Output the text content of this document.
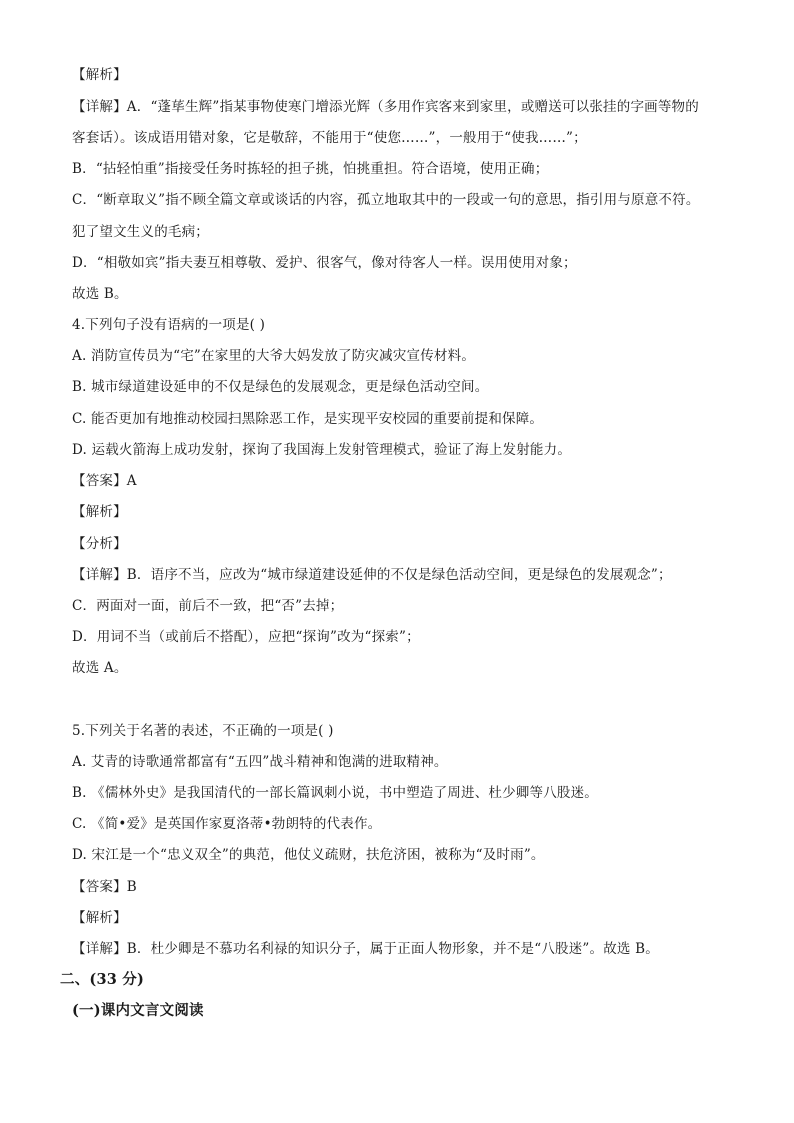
【解析】
【详解】A．“蓬荜生辉”指某事物使寒门增添光辉（多用作宾客来到家里，或赠送可以张挂的字画等物的
客套话）。该成语用错对象，它是敬辞，不能用于“使您……”，一般用于“使我……”；
B．“拈轻怕重”指接受任务时拣轻的担子挑，怕挑重担。符合语境，使用正确；
C．“断章取义”指不顾全篇文章或谈话的内容，孤立地取其中的一段或一句的意思，指引用与原意不符。
犯了望文生义的毛病；
D．“相敬如宾”指夫妻互相尊敬、爱护、很客气，像对待客人一样。误用使用对象；
故选 B。
4.下列句子没有语病的一项是( )
A. 消防宣传员为“宅”在家里的大爷大妈发放了防灾减灾宣传材料。
B. 城市绿道建设延申的不仅是绿色的发展观念，更是绿色活动空间。
C. 能否更加有地推动校园扫黑除恶工作，是实现平安校园的重要前提和保障。
D. 运载火箭海上成功发射，探询了我国海上发射管理模式，验证了海上发射能力。
【答案】A
【解析】
【分析】
【详解】B．语序不当，应改为“城市绿道建设延伸的不仅是绿色活动空间，更是绿色的发展观念”；
C．两面对一面，前后不一致，把“否”去掉；
D．用词不当（或前后不搭配），应把“探询”改为“探索”；
故选 A。
5.下列关于名著的表述，不正确的一项是( )
A. 艾青的诗歌通常都富有“五四”战斗精神和饱满的进取精神。
B. 《儒林外史》是我国清代的一部长篇讽刺小说，书中塑造了周进、杜少卿等八股迷。
C. 《简•爱》是英国作家夏洛蒂•勃朗特的代表作。
D. 宋江是一个“忠义双全”的典范，他仗义疏财，扶危济困，被称为“及时雨”。
【答案】B
【解析】
【详解】B．杜少卿是不慕功名利禄的知识分子，属于正面人物形象，并不是“八股迷”。故选 B。
二、(33 分)
(一)课内文言文阅读
